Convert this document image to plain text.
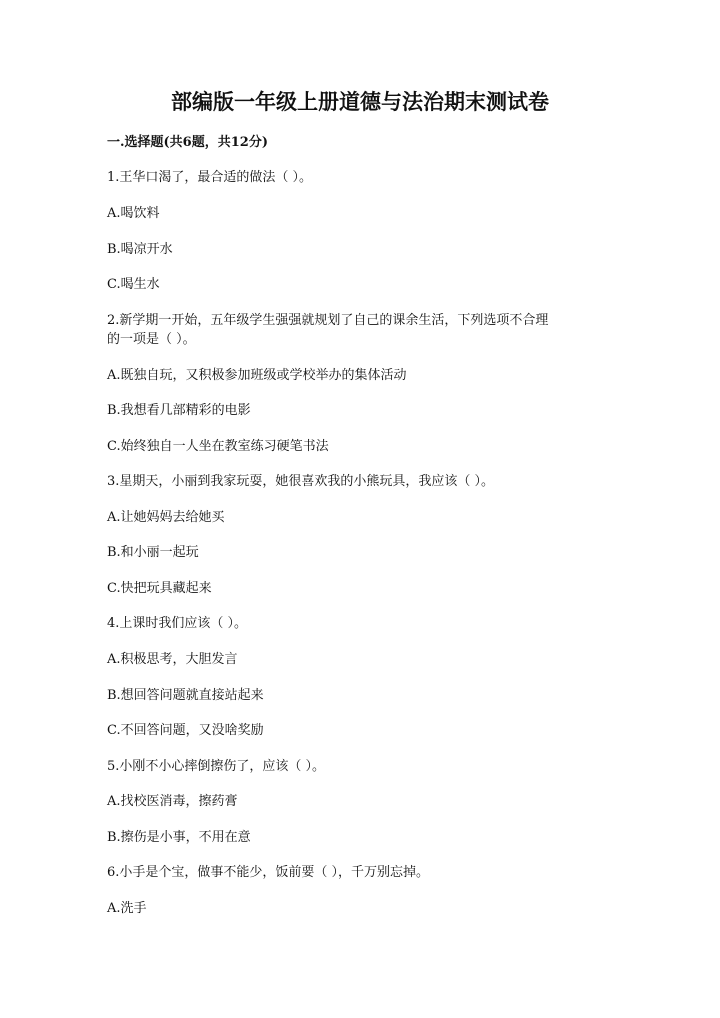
部编版一年级上册道德与法治期末测试卷
一.选择题(共6题，共12分)
1.王华口渴了，最合适的做法（ ）。
A.喝饮料
B.喝凉开水
C.喝生水
2.新学期一开始，五年级学生强强就规划了自己的课余生活，下列选项不合理
的一项是（ ）。
A.既独自玩，又积极参加班级或学校举办的集体活动
B.我想看几部精彩的电影
C.始终独自一人坐在教室练习硬笔书法
3.星期天，小丽到我家玩耍，她很喜欢我的小熊玩具，我应该（ ）。
A.让她妈妈去给她买
B.和小丽一起玩
C.快把玩具藏起来
4.上课时我们应该（ ）。
A.积极思考，大胆发言
B.想回答问题就直接站起来
C.不回答问题，又没啥奖励
5.小刚不小心摔倒擦伤了，应该（ ）。
A.找校医消毒，擦药膏
B.擦伤是小事，不用在意
6.小手是个宝，做事不能少，饭前要（ ），千万别忘掉。
A.洗手
